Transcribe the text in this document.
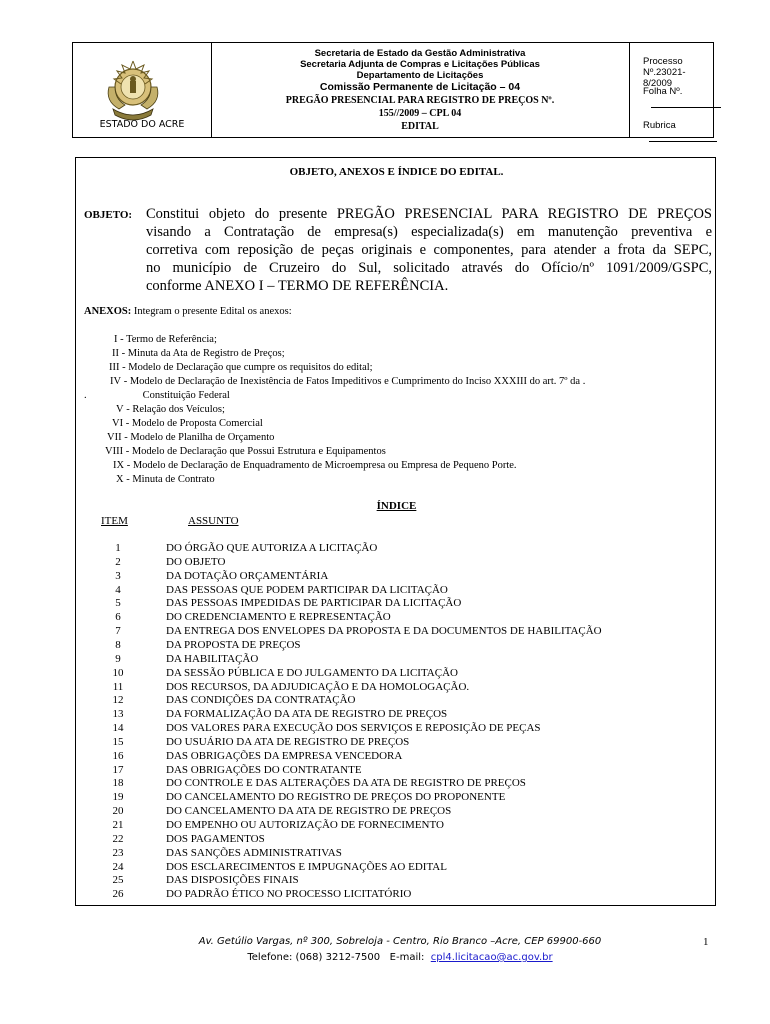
ESTADO DO ACRE
Secretaria de Estado da Gestão Administrativa
Secretaria Adjunta de Compras e Licitações Públicas
Departamento de Licitações
Comissão Permanente de Licitação – 04
PREGÃO PRESENCIAL PARA REGISTRO DE PREÇOS Nº.
155//2009 – CPL 04
EDITAL
Processo Nº.23021-8/2009
Folha Nº.
Rubrica
OBJETO, ANEXOS E ÍNDICE DO EDITAL.
OBJETO: Constitui objeto do presente PREGÃO PRESENCIAL PARA REGISTRO DE PREÇOS
visando a Contratação de empresa(s) especializada(s) em manutenção preventiva e
corretiva com reposição de peças originais e componentes, para atender a frota da SEPC,
no município de Cruzeiro do Sul, solicitado através do Ofício/nº 1091/2009/GSPC,
conforme ANEXO I – TERMO DE REFERÊNCIA.
ANEXOS: Integram o presente Edital os anexos:
I - Termo de Referência;
II - Minuta da Ata de Registro de Preços;
III - Modelo de Declaração que cumpre os requisitos do edital;
IV - Modelo de Declaração de Inexistência de Fatos Impeditivos e Cumprimento do Inciso XXXIII do art. 7º da .
.	Constituição Federal
V - Relação dos Veículos;
VI - Modelo de Proposta Comercial
VII - Modelo de Planilha de Orçamento
VIII - Modelo de Declaração que Possui Estrutura e Equipamentos
IX - Modelo de Declaração de Enquadramento de Microempresa ou Empresa de Pequeno Porte.
X - Minuta de Contrato
ÍNDICE
ITEM	ASSUNTO
1	DO ÓRGÃO QUE AUTORIZA A LICITAÇÃO
2	DO OBJETO
3	DA DOTAÇÃO ORÇAMENTÁRIA
4	DAS PESSOAS QUE PODEM PARTICIPAR DA LICITAÇÃO
5	DAS PESSOAS IMPEDIDAS DE PARTICIPAR DA LICITAÇÃO
6	DO CREDENCIAMENTO E REPRESENTAÇÃO
7	DA ENTREGA DOS ENVELOPES DA PROPOSTA E DA DOCUMENTOS DE HABILITAÇÃO
8	DA PROPOSTA DE PREÇOS
9	DA HABILITAÇÃO
10	DA SESSÃO PÚBLICA E DO JULGAMENTO DA LICITAÇÃO
11	DOS RECURSOS, DA ADJUDICAÇÃO E DA HOMOLOGAÇÃO.
12	DAS CONDIÇÕES DA CONTRATAÇÃO
13	DA FORMALIZAÇÃO DA ATA DE REGISTRO DE PREÇOS
14	DOS VALORES PARA EXECUÇÃO DOS SERVIÇOS E REPOSIÇÃO DE PEÇAS
15	DO USUÁRIO DA ATA DE REGISTRO DE PREÇOS
16	DAS OBRIGAÇÕES DA EMPRESA VENCEDORA
17	DAS OBRIGAÇÕES DO CONTRATANTE
18	DO CONTROLE E DAS ALTERAÇÕES DA ATA DE REGISTRO DE PREÇOS
19	DO CANCELAMENTO DO REGISTRO DE PREÇOS DO PROPONENTE
20	DO CANCELAMENTO DA ATA DE REGISTRO DE PREÇOS
21	DO EMPENHO OU AUTORIZAÇÃO DE FORNECIMENTO
22	DOS PAGAMENTOS
23	DAS SANÇÕES ADMINISTRATIVAS
24	DOS ESCLARECIMENTOS E IMPUGNAÇÕES AO EDITAL
25	DAS DISPOSIÇÕES FINAIS
26	DO PADRÃO ÉTICO NO PROCESSO LICITATÓRIO
Av. Getúlio Vargas, nº 300, Sobreloja - Centro, Rio Branco –Acre, CEP 69900-660
Telefone: (068) 3212-7500 E-mail: cpl4.licitacao@ac.gov.br
1
